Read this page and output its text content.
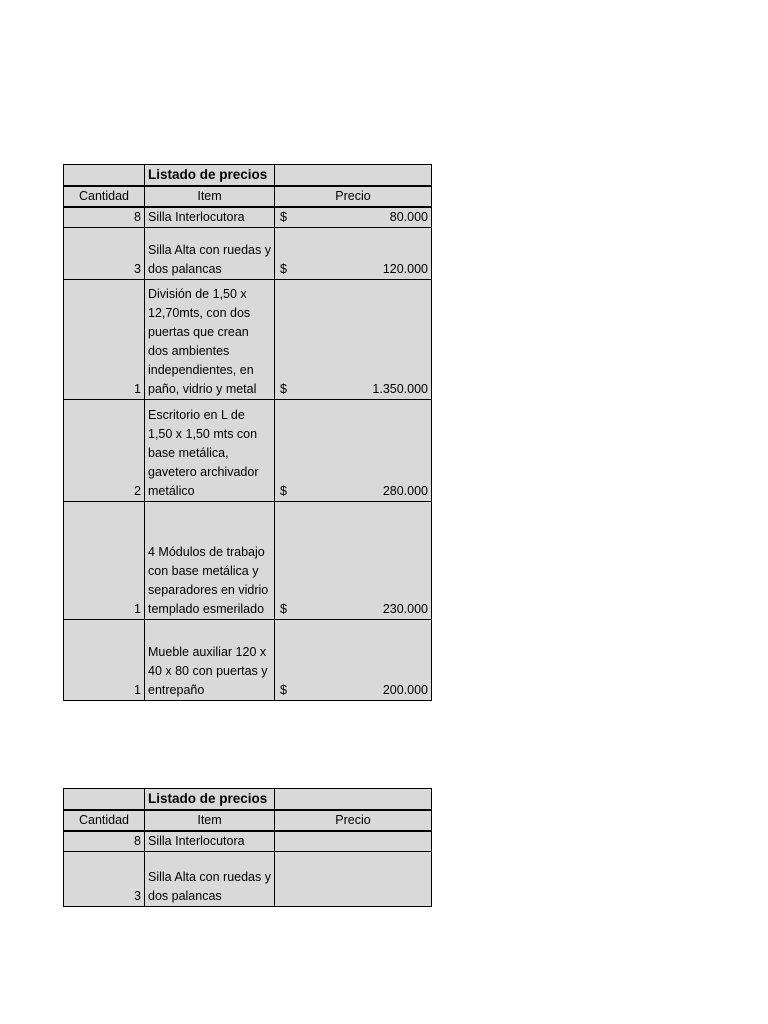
	Listado de precios	
Cantidad	Item	Precio
8	Silla Interlocutora	$ 80.000

3	Silla Alta con ruedas y dos palancas	$ 120.000

1	División de 1,50 x 12,70mts, con dos puertas que crean dos ambientes independientes, en paño, vidrio y metal	$ 1.350.000

2	Escritorio en L de 1,50 x 1,50 mts con base metálica, gavetero archivador metálico	$ 280.000

1	4 Módulos de trabajo con base metálica y separadores en vidrio templado esmerilado	$ 230.000

1	Mueble auxiliar 120 x 40 x 80 con puertas y entrepaño	$ 200.000
	Listado de precios	
Cantidad	Item	Precio
8	Silla Interlocutora	
3	Silla Alta con ruedas y dos palancas	
